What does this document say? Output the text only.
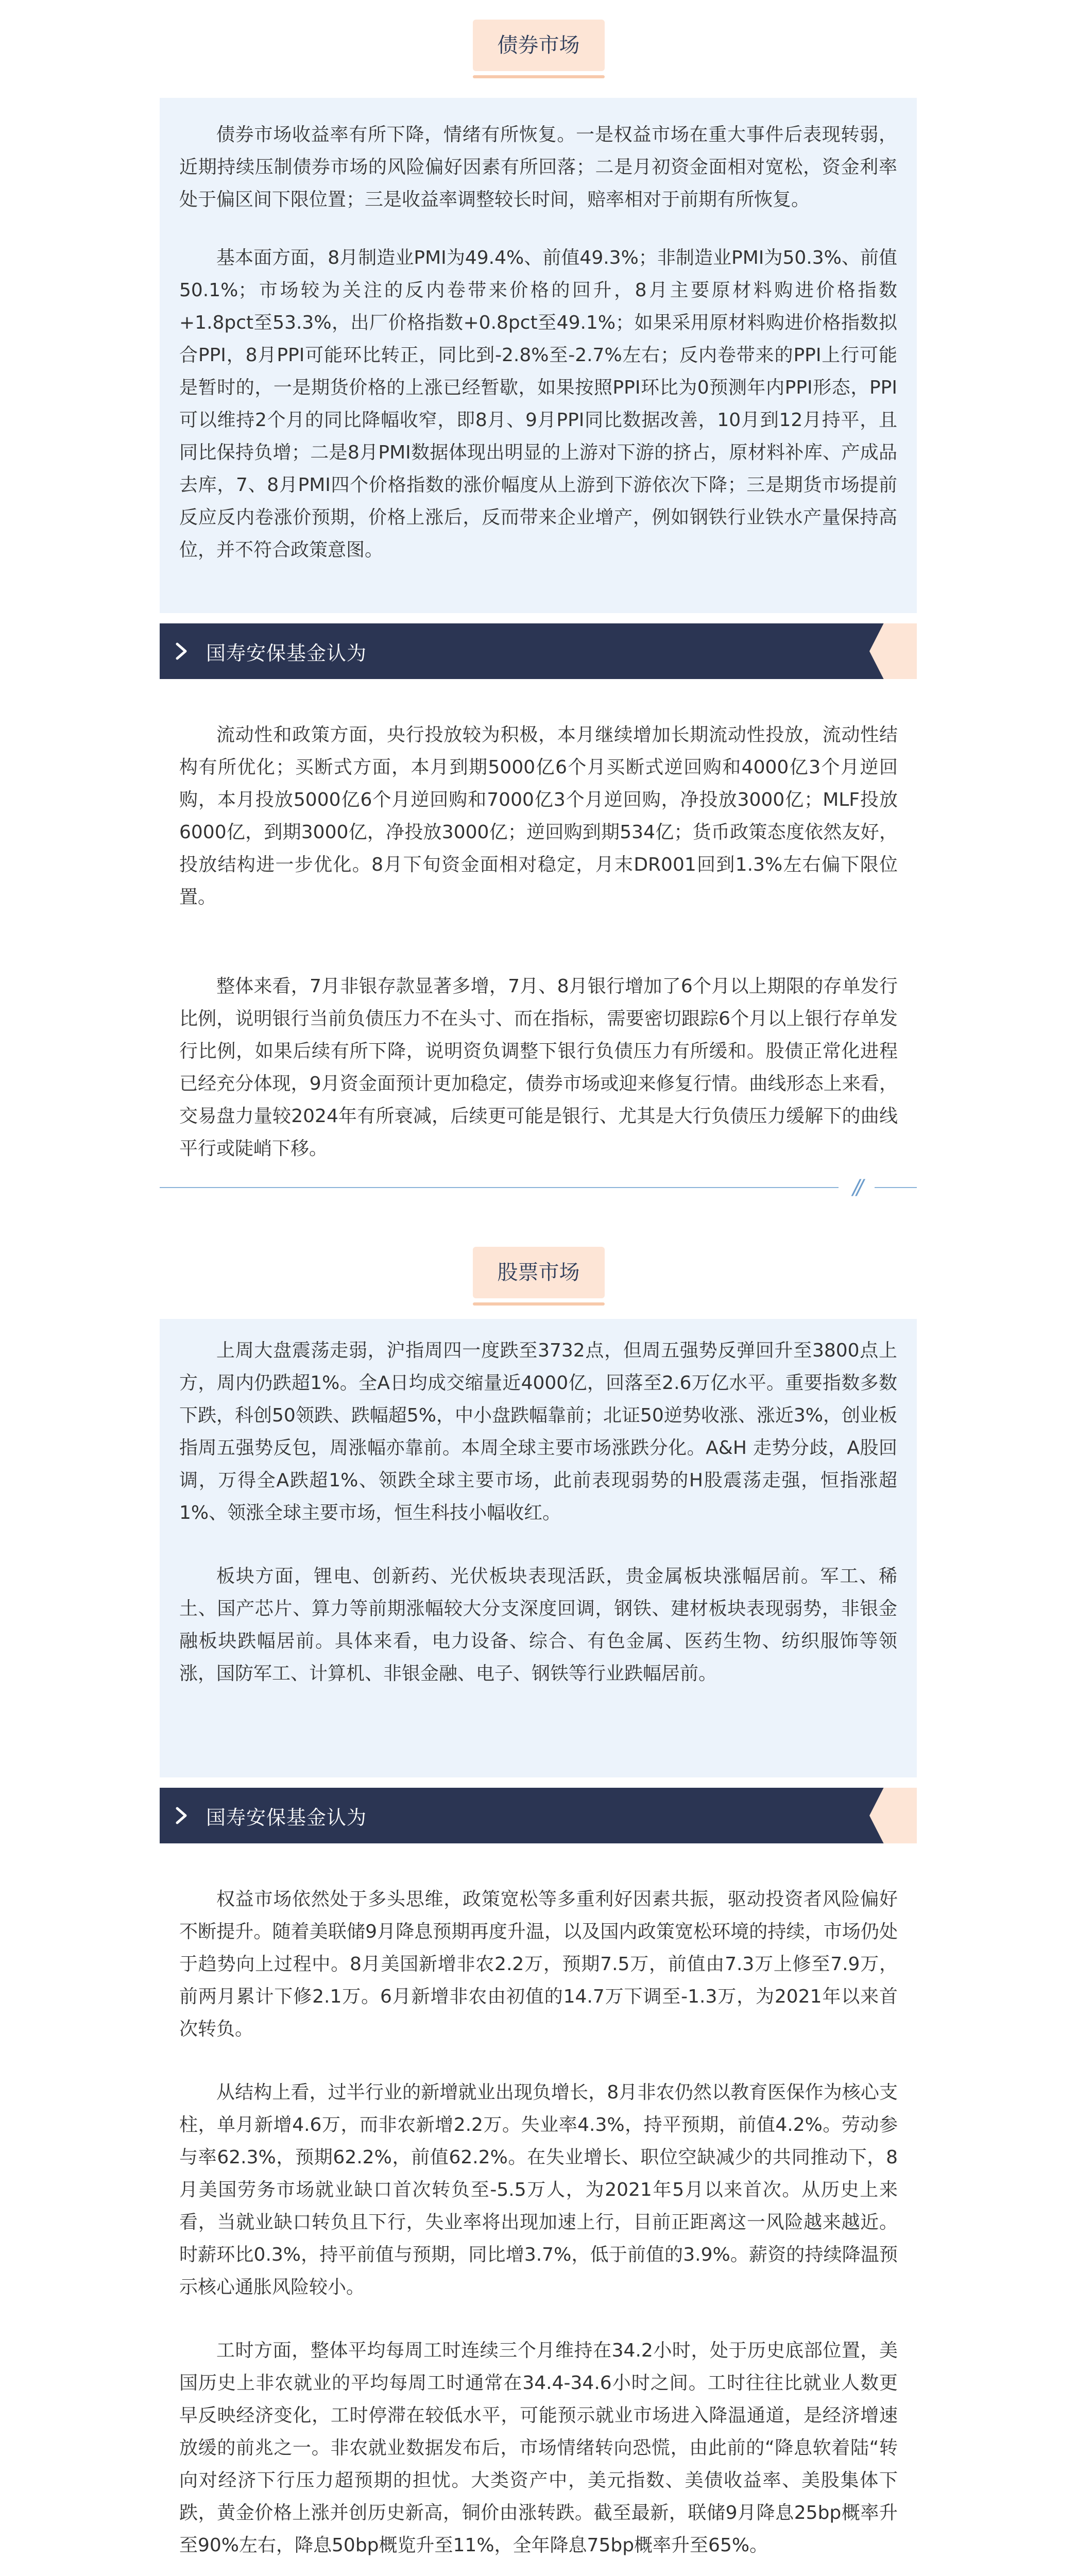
债券市场

债券市场收益率有所下降，情绪有所恢复。一是权益市场在重大事件后表现转弱，近期持续压制债券市场的风险偏好因素有所回落；二是月初资金面相对宽松，资金利率处于偏区间下限位置；三是收益率调整较长时间，赔率相对于前期有所恢复。

基本面方面，8月制造业PMI为49.4%、前值49.3%；非制造业PMI为50.3%、前值50.1%；市场较为关注的反内卷带来价格的回升，8月主要原材料购进价格指数+1.8pct至53.3%，出厂价格指数+0.8pct至49.1%；如果采用原材料购进价格指数拟合PPI，8月PPI可能环比转正，同比到-2.8%至-2.7%左右；反内卷带来的PPI上行可能是暂时的，一是期货价格的上涨已经暂歇，如果按照PPI环比为0预测年内PPI形态，PPI可以维持2个月的同比降幅收窄，即8月、9月PPI同比数据改善，10月到12月持平，且同比保持负增；二是8月PMI数据体现出明显的上游对下游的挤占，原材料补库、产成品去库，7、8月PMI四个价格指数的涨价幅度从上游到下游依次下降；三是期货市场提前反应反内卷涨价预期，价格上涨后，反而带来企业增产，例如钢铁行业铁水产量保持高位，并不符合政策意图。

国寿安保基金认为

流动性和政策方面，央行投放较为积极，本月继续增加长期流动性投放，流动性结构有所优化；买断式方面，本月到期5000亿6个月买断式逆回购和4000亿3个月逆回购，本月投放5000亿6个月逆回购和7000亿3个月逆回购，净投放3000亿；MLF投放6000亿，到期3000亿，净投放3000亿；逆回购到期534亿；货币政策态度依然友好，投放结构进一步优化。8月下旬资金面相对稳定，月末DR001回到1.3%左右偏下限位置。

整体来看，7月非银存款显著多增，7月、8月银行增加了6个月以上期限的存单发行比例，说明银行当前负债压力不在头寸、而在指标，需要密切跟踪6个月以上银行存单发行比例，如果后续有所下降，说明资负调整下银行负债压力有所缓和。股债正常化进程已经充分体现，9月资金面预计更加稳定，债券市场或迎来修复行情。曲线形态上来看，交易盘力量较2024年有所衰减，后续更可能是银行、尤其是大行负债压力缓解下的曲线平行或陡峭下移。

//
股票市场

上周大盘震荡走弱，沪指周四一度跌至3732点，但周五强势反弹回升至3800点上方，周内仍跌超1%。全A日均成交缩量近4000亿，回落至2.6万亿水平。重要指数多数下跌，科创50领跌、跌幅超5%，中小盘跌幅靠前；北证50逆势收涨、涨近3%，创业板指周五强势反包，周涨幅亦靠前。本周全球主要市场涨跌分化。A&H 走势分歧，A股回调，万得全A跌超1%、领跌全球主要市场，此前表现弱势的H股震荡走强，恒指涨超1%、领涨全球主要市场，恒生科技小幅收红。

板块方面，锂电、创新药、光伏板块表现活跃，贵金属板块涨幅居前。军工、稀土、国产芯片、算力等前期涨幅较大分支深度回调，钢铁、建材板块表现弱势，非银金融板块跌幅居前。具体来看，电力设备、综合、有色金属、医药生物、纺织服饰等领涨，国防军工、计算机、非银金融、电子、钢铁等行业跌幅居前。

国寿安保基金认为

权益市场依然处于多头思维，政策宽松等多重利好因素共振，驱动投资者风险偏好不断提升。随着美联储9月降息预期再度升温，以及国内政策宽松环境的持续，市场仍处于趋势向上过程中。8月美国新增非农2.2万，预期7.5万，前值由7.3万上修至7.9万，前两月累计下修2.1万。6月新增非农由初值的14.7万下调至-1.3万，为2021年以来首次转负。

从结构上看，过半行业的新增就业出现负增长，8月非农仍然以教育医保作为核心支柱，单月新增4.6万，而非农新增2.2万。失业率4.3%，持平预期，前值4.2%。劳动参与率62.3%，预期62.2%，前值62.2%。在失业增长、职位空缺减少的共同推动下，8月美国劳务市场就业缺口首次转负至-5.5万人，为2021年5月以来首次。从历史上来看，当就业缺口转负且下行，失业率将出现加速上行，目前正距离这一风险越来越近。时薪环比0.3%，持平前值与预期，同比增3.7%，低于前值的3.9%。薪资的持续降温预示核心通胀风险较小。

工时方面，整体平均每周工时连续三个月维持在34.2小时，处于历史底部位置，美国历史上非农就业的平均每周工时通常在34.4-34.6小时之间。工时往往比就业人数更早反映经济变化，工时停滞在较低水平，可能预示就业市场进入降温通道，是经济增速放缓的前兆之一。非农就业数据发布后，市场情绪转向恐慌，由此前的“降息软着陆“转向对经济下行压力超预期的担忧。大类资产中，美元指数、美债收益率、美股集体下跌，黄金价格上涨并创历史新高，铜价由涨转跌。截至最新，联储9月降息25bp概率升至90%左右，降息50bp概览升至11%，全年降息75bp概率升至65%。
